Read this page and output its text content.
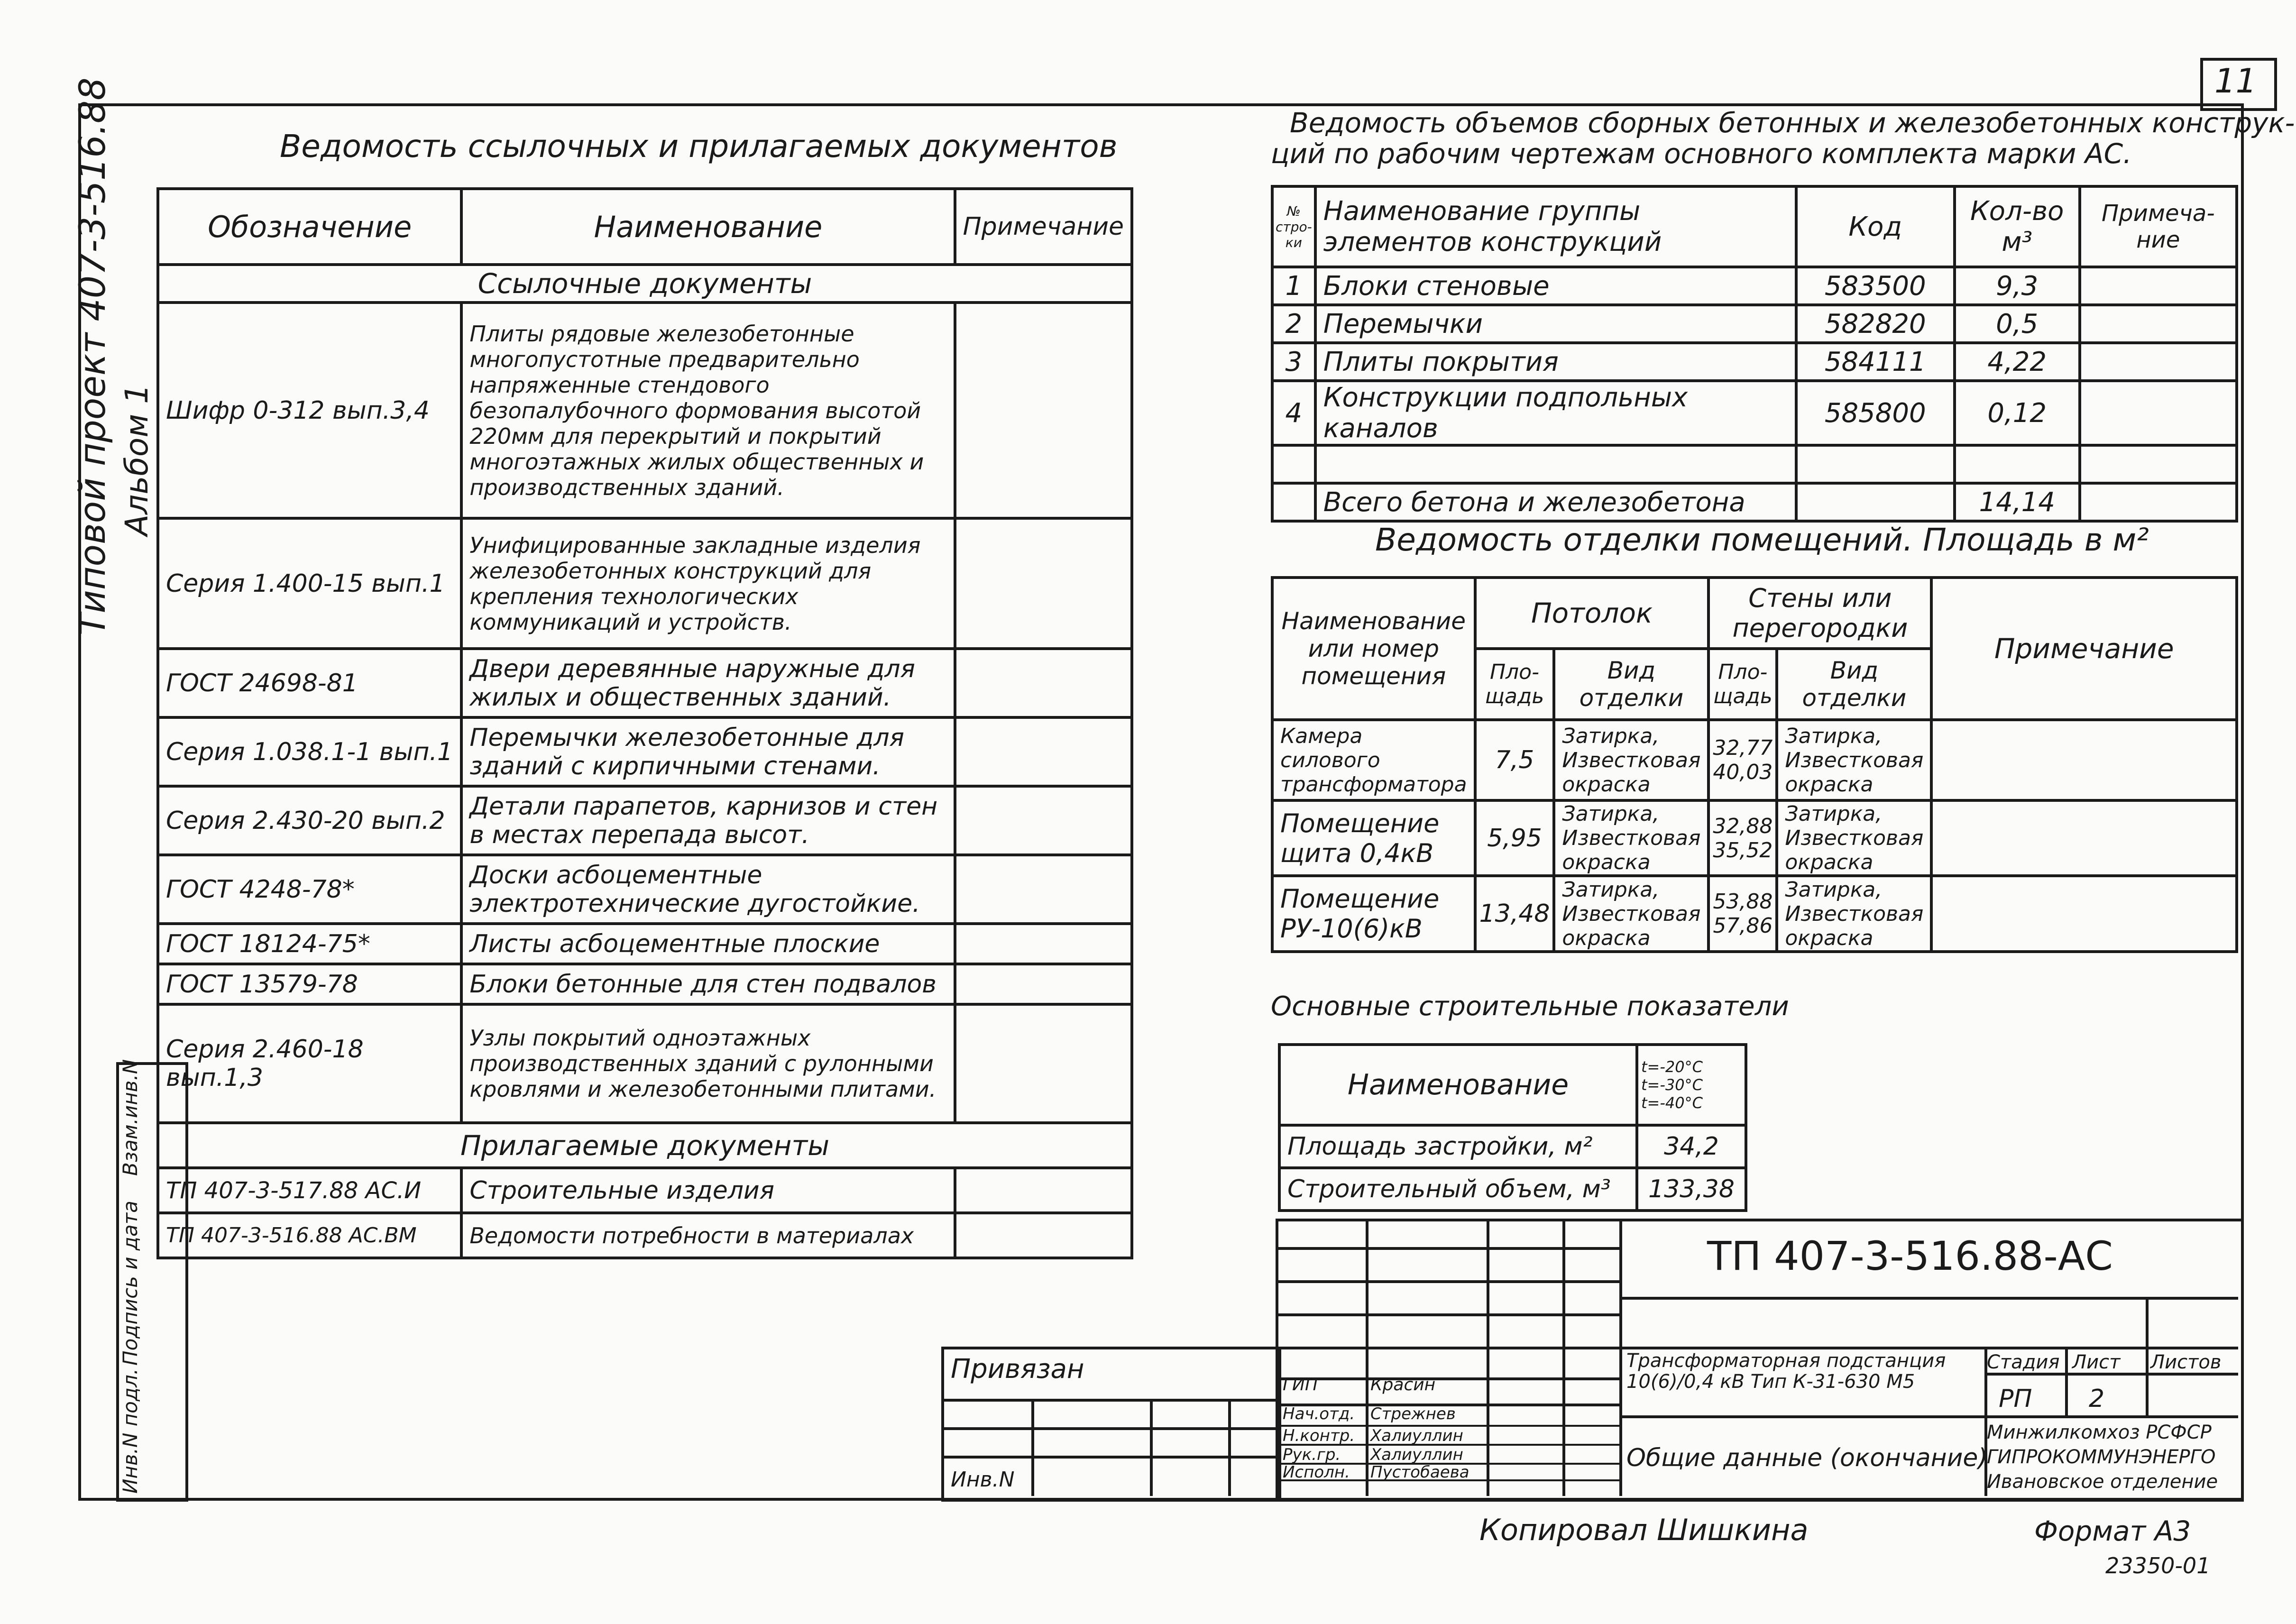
11
Типовой проект 407-3-516.88 Альбом 1
Инв.N подл.
Подпись и дата
Взам.инв.N
Ведомость ссылочных и прилагаемых документов
Обозначение	Наименование	Примечание
Ссылочные документы		
Шифр 0-312 вып.3,4	Плиты рядовые железобетонные многопустотные предварительно напряженные стендового безопалубочного формования высотой 220мм для перекрытий и покрытий многоэтажных жилых общественных и производственных зданий.	
Серия 1.400-15 вып.1	Унифицированные закладные изделия железобетонных конструкций для крепления технологических коммуникаций и устройств.	
ГОСТ 24698-81	Двери деревянные наружные для жилых и общественных зданий.	
Серия 1.038.1-1 вып.1	Перемычки железобетонные для зданий с кирпичными стенами.	
Серия 2.430-20 вып.2	Детали парапетов, карнизов и стен в местах перепада высот.	
ГОСТ 4248-78*	Доски асбоцементные электротехнические дугостойкие.	
ГОСТ 18124-75*	Листы асбоцементные плоские	
ГОСТ 13579-78	Блоки бетонные для стен подвалов	
Серия 2.460-18 вып.1,3	Узлы покрытий одноэтажных производственных зданий с рулонными кровлями и железобетонными плитами.	
Прилагаемые документы		
ТП 407-3-517.88 АС.И	Строительные изделия	
ТП 407-3-516.88 АС.ВМ	Ведомости потребности в материалах	
Ведомость объемов сборных бетонных и железобетонных конструк-
ций по рабочим чертежам основного комплекта марки АС.
№ стро-ки	Наименование группы элементов конструкций	Код	Кол-во м³	Примеча-ние
1	Блоки стеновые	583500	9,3	
2	Перемычки	582820	0,5	
3	Плиты покрытия	584111	4,22	
4	Конструкции подпольных каналов	585800	0,12	

	Всего бетона и железобетона		14,14	
Ведомость отделки помещений. Площадь в м²
Наименование или номер помещения	Потолок		Стены или перегородки		Примечание
	Пло-щадь	Вид отделки	Пло-щадь	Вид отделки	
Камера силового трансформатора	7,5	Затирка, Известковая окраска	32,77 40,03	Затирка, Известковая окраска	
Помещение щита 0,4кВ	5,95	Затирка, Известковая окраска	32,88 35,52	Затирка, Известковая окраска	
Помещение РУ-10(6)кВ	13,48	Затирка, Известковая окраска	53,88 57,86	Затирка, Известковая окраска	
Основные строительные показатели
Наименование	t=-20°C t=-30°C t=-40°C
Площадь застройки, м²	34,2
Строительный объем, м³	133,38
ГИП	Красин
Нач.отд. Стрежнев
Н.контр. Халиуллин
Рук.гр. Халиуллин
Исполн. Пустобаева
Привязан
Инв.N
ТП 407-3-516.88-АС
Трансформаторная подстанция 10(6)/0,4 кВ Тип К-31-630 М5
Общие данные (окончание)
Стадия Лист Листов
РП 2
Минжилкомхоз РСФСР ГИПРОКОММУНЭНЕРГО Ивановское отделение
Копировал Шишкина	Формат А3
23350-01
